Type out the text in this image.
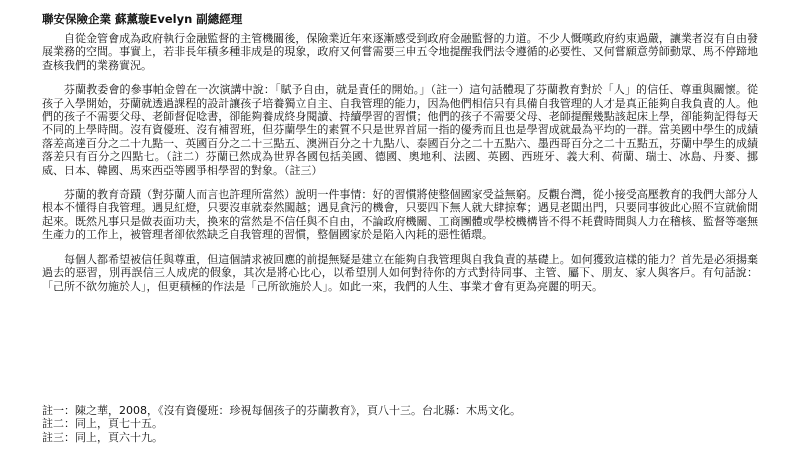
聯安保險企業 蘇薰璇Evelyn 副總經理

自從金管會成為政府執行金融監督的主管機關後，保險業近年來逐漸感受到政府金融監督的力道。不少人慨嘆政府約束過嚴，讓業者沒有自由發展業務的空間。事實上，若非長年積多種非成是的現象，政府又何嘗需要三申五令地提醒我們法令遵循的必要性、又何嘗願意勞師動眾、馬不停蹄地查核我們的業務實況。

芬蘭教委會的參事帕金曾在一次演講中說：「賦予自由，就是責任的開始。」（註一）這句話體現了芬蘭教育對於「人」的信任、尊重與關懷。從孩子入學開始，芬蘭就透過課程的設計讓孩子培養獨立自主、自我管理的能力，因為他們相信只有具備自我管理的人才是真正能夠自我負責的人。他們的孩子不需要父母、老師督促唸書，卻能夠養成終身閱讀、持續學習的習慣；他們的孩子不需要父母、老師提醒幾點該起床上學，卻能夠記得每天不同的上學時間。沒有資優班、沒有補習班，但芬蘭學生的素質不只是世界首屈一指的優秀而且也是學習成就最為平均的一群。當美國中學生的成績落差高達百分之二十九點一、英國百分之二十三點五、澳洲百分之十九點八、泰國百分之二十五點六、墨西哥百分之二十五點五，芬蘭中學生的成績落差只有百分之四點七。（註二）芬蘭已然成為世界各國包括美國、德國、奧地利、法國、英國、西班牙、義大利、荷蘭、瑞士、冰島、丹麥、挪威、日本、韓國、馬來西亞等國爭相學習的對象。（註三）

芬蘭的教育奇蹟（對芬蘭人而言也許理所當然）說明一件事情：好的習慣將使整個國家受益無窮。反觀台灣，從小接受高壓教育的我們大部分人根本不懂得自我管理。遇見紅燈，只要沒車就泰然闖越；遇見貪污的機會，只要四下無人就大肆掠奪；遇見老闆出門，只要同事彼此心照不宣就偷閒起來。既然凡事只是做表面功夫，換來的當然是不信任與不自由，不論政府機關、工商團體或學校機構皆不得不耗費時間與人力在稽核、監督等毫無生產力的工作上，被管理者卻依然缺乏自我管理的習慣，整個國家於是陷入內耗的惡性循環。

每個人都希望被信任與尊重，但這個請求被回應的前提無疑是建立在能夠自我管理與自我負責的基礎上。如何獲致這樣的能力？首先是必須揚棄過去的惡習，別再誤信三人成虎的假象，其次是將心比心，以希望別人如何對待你的方式對待同事、主管、屬下、朋友、家人與客戶。有句話說：「己所不欲勿施於人」，但更積極的作法是「己所欲施於人」。如此一來，我們的人生、事業才會有更為亮麗的明天。

註一：陳之華，2008，《沒有資優班：珍視每個孩子的芬蘭教育》，頁八十三。台北縣：木馬文化。

註二：同上，頁七十五。

註三：同上，頁六十九。
